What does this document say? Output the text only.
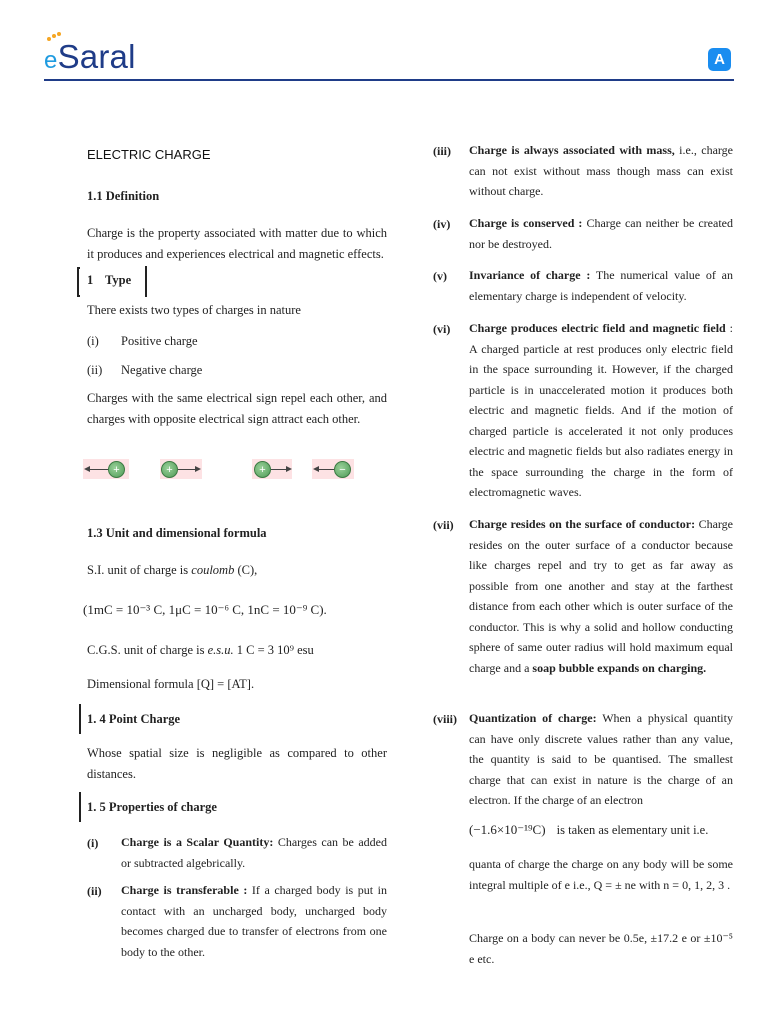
e Saral	A
ELECTRIC CHARGE
1.1 Definition
Charge is the property associated with matter due to which it produces and experiences electrical and magnetic effects.
1 Type
There exists two types of charges in nature
(i) Positive charge
(ii) Negative charge
Charges with the same electrical sign repel each other, and charges with opposite electrical sign attract each other.
+	+	+	−
1.3 Unit and dimensional formula
S.I. unit of charge is coulomb (C),
(1mC = 10⁻³ C, 1μC = 10⁻⁶ C, 1nC = 10⁻⁹ C).
C.G.S. unit of charge is e.s.u. 1 C = 3 10⁹ esu
Dimensional formula [Q] = [AT].
1. 4 Point Charge
Whose spatial size is negligible as compared to other distances.
1. 5 Properties of charge
(i) Charge is a Scalar Quantity: Charges can be added or subtracted algebrically.
(ii) Charge is transferable : If a charged body is put in contact with an uncharged body, uncharged body becomes charged due to transfer of electrons from one body to the other.
(iii) Charge is always associated with mass, i.e., charge can not exist without mass though mass can exist without charge.
(iv) Charge is conserved : Charge can neither be created nor be destroyed.
(v) Invariance of charge : The numerical value of an elementary charge is independent of velocity.
(vi) Charge produces electric field and magnetic field : A charged particle at rest produces only electric field in the space surrounding it. However, if the charged particle is in unaccelerated motion it produces both electric and magnetic fields. And if the motion of charged particle is accelerated it not only produces electric and magnetic fields but also radiates energy in the space surrounding the charge in the form of electromagnetic waves.
(vii) Charge resides on the surface of conductor: Charge resides on the outer surface of a conductor because like charges repel and try to get as far away as possible from one another and stay at the farthest distance from each other which is outer surface of the conductor. This is why a solid and hollow conducting sphere of same outer radius will hold maximum equal charge and a soap bubble expands on charging.
(viii) Quantization of charge: When a physical quantity can have only discrete values rather than any value, the quantity is said to be quantised. The smallest charge that can exist in nature is the charge of an electron. If the charge of an electron
(−1.6×10⁻¹⁹C) is taken as elementary unit i.e.
quanta of charge the charge on any body will be some integral multiple of e i.e., Q = ± ne with n = 0, 1, 2, 3 .
Charge on a body can never be 0.5e, ±17.2 e or ±10⁻⁵ e etc.
